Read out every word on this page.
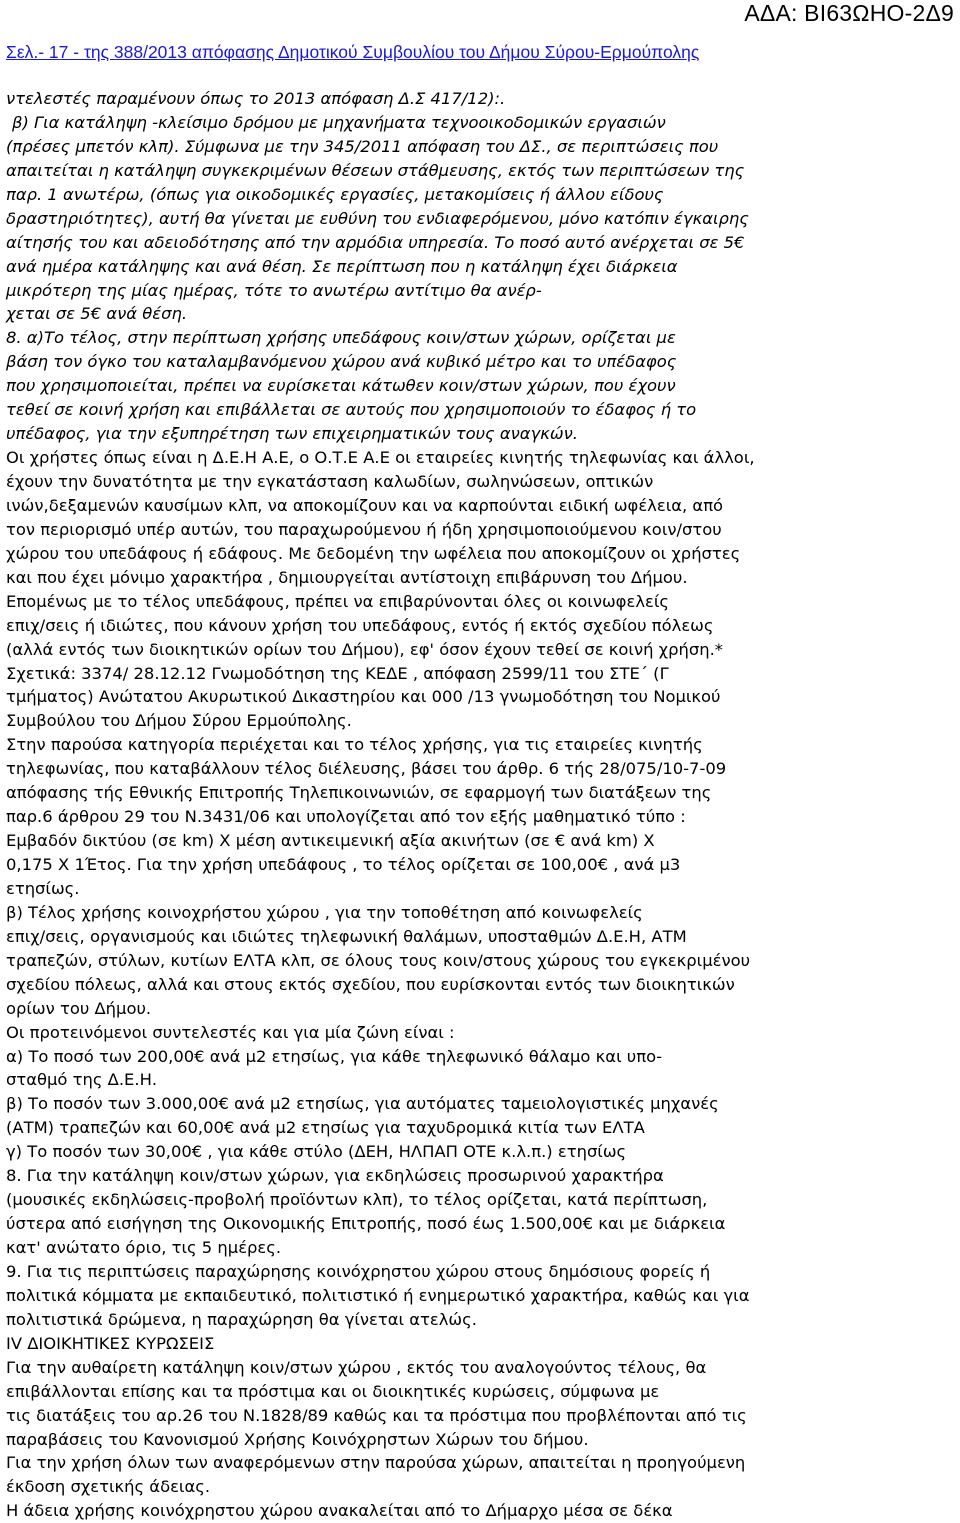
ΑΔΑ: ΒΙ63ΩΗΟ-2Δ9
Σελ.- 17 - της 388/2013 απόφασης Δημοτικού Συμβουλίου του Δήμου Σύρου-Ερμούπολης
ντελεστές παραμένουν όπως το 2013 απόφαση Δ.Σ 417/12):.
β) Για κατάληψη -κλείσιμο δρόμου με μηχανήματα τεχνοοικοδομικών εργασιών
(πρέσες μπετόν κλπ). Σύμφωνα με την 345/2011 απόφαση του ΔΣ., σε περιπτώσεις που
απαιτείται η κατάληψη συγκεκριμένων θέσεων στάθμευσης, εκτός των περιπτώσεων της
παρ. 1 ανωτέρω, (όπως για οικοδομικές εργασίες, μετακομίσεις ή άλλου είδους
δραστηριότητες), αυτή θα γίνεται με ευθύνη του ενδιαφερόμενου, μόνο κατόπιν έγκαιρης
αίτησής του και αδειοδότησης από την αρμόδια υπηρεσία. Το ποσό αυτό ανέρχεται σε 5€
ανά ημέρα κατάληψης και ανά θέση. Σε περίπτωση που η κατάληψη έχει διάρκεια
μικρότερη της μίας ημέρας, τότε το ανωτέρω αντίτιμο θα ανέρ-
χεται σε 5€ ανά θέση.
8. α)Το τέλος, στην περίπτωση χρήσης υπεδάφους κοιν/στων χώρων, ορίζεται με
βάση τον όγκο του καταλαμβανόμενου χώρου ανά κυβικό μέτρο και το υπέδαφος
που χρησιμοποιείται, πρέπει να ευρίσκεται κάτωθεν κοιν/στων χώρων, που έχουν
τεθεί σε κοινή χρήση και επιβάλλεται σε αυτούς που χρησιμοποιούν το έδαφος ή το
υπέδαφος, για την εξυπηρέτηση των επιχειρηματικών τους αναγκών.
Οι χρήστες όπως είναι η Δ.Ε.Η Α.Ε, ο Ο.Τ.Ε Α.Ε οι εταιρείες κινητής τηλεφωνίας και άλλοι,
έχουν την δυνατότητα με την εγκατάσταση καλωδίων, σωληνώσεων, οπτικών
ινών,δεξαμενών καυσίμων κλπ, να αποκομίζουν και να καρπούνται ειδική ωφέλεια, από
τον περιορισμό υπέρ αυτών, του παραχωρούμενου ή ήδη χρησιμοποιούμενου κοιν/στου
χώρου του υπεδάφους ή εδάφους. Με δεδομένη την ωφέλεια που αποκομίζουν οι χρήστες
και που έχει μόνιμο χαρακτήρα , δημιουργείται αντίστοιχη επιβάρυνση του Δήμου.
Επομένως με το τέλος υπεδάφους, πρέπει να επιβαρύνονται όλες οι κοινωφελείς
επιχ/σεις ή ιδιώτες, που κάνουν χρήση του υπεδάφους, εντός ή εκτός σχεδίου πόλεως
(αλλά εντός των διοικητικών ορίων του Δήμου), εφ' όσον έχουν τεθεί σε κοινή χρήση.*
Σχετικά: 3374/ 28.12.12 Γνωμοδότηση της ΚΕΔΕ , απόφαση 2599/11 του ΣΤΕ΄ (Γ
τμήματος) Ανώτατου Ακυρωτικού Δικαστηρίου και 000 /13 γνωμοδότηση του Νομικού
Συμβούλου του Δήμου Σύρου Ερμούπολης.
Στην παρούσα κατηγορία περιέχεται και το τέλος χρήσης, για τις εταιρείες κινητής
τηλεφωνίας, που καταβάλλουν τέλος διέλευσης, βάσει του άρθρ. 6 τής 28/075/10-7-09
απόφασης τής Εθνικής Επιτροπής Τηλεπικοινωνιών, σε εφαρμογή των διατάξεων της
παρ.6 άρθρου 29 του Ν.3431/06 και υπολογίζεται από τον εξής μαθηματικό τύπο :
Εμβαδόν δικτύου (σε km) Χ μέση αντικειμενική αξία ακινήτων (σε € ανά km) Χ
0,175 Χ 1Έτος. Για την χρήση υπεδάφους , το τέλος ορίζεται σε 100,00€ , ανά μ3
ετησίως.
β) Τέλος χρήσης κοινοχρήστου χώρου , για την τοποθέτηση από κοινωφελείς
επιχ/σεις, οργανισμούς και ιδιώτες τηλεφωνική θαλάμων, υποσταθμών Δ.Ε.Η, ΑΤΜ
τραπεζών, στύλων, κυτίων ΕΛΤΑ κλπ, σε όλους τους κοιν/στους χώρους του εγκεκριμένου
σχεδίου πόλεως, αλλά και στους εκτός σχεδίου, που ευρίσκονται εντός των διοικητικών
ορίων του Δήμου.
Οι προτεινόμενοι συντελεστές και για μία ζώνη είναι :
α) Το ποσό των 200,00€ ανά μ2 ετησίως, για κάθε τηλεφωνικό θάλαμο και υπο-
σταθμό της Δ.Ε.Η.
β) Το ποσόν των 3.000,00€ ανά μ2 ετησίως, για αυτόματες ταμειολογιστικές μηχανές
(ΑΤΜ) τραπεζών και 60,00€ ανά μ2 ετησίως για ταχυδρομικά κιτία των ΕΛΤΑ
γ) Το ποσόν των 30,00€ , για κάθε στύλο (ΔΕΗ, ΗΛΠΑΠ ΟΤΕ κ.λ.π.) ετησίως
8. Για την κατάληψη κοιν/στων χώρων, για εκδηλώσεις προσωρινού χαρακτήρα
(μουσικές εκδηλώσεις-προβολή προϊόντων κλπ), το τέλος ορίζεται, κατά περίπτωση,
ύστερα από εισήγηση της Οικονομικής Επιτροπής, ποσό έως 1.500,00€ και με διάρκεια
κατ' ανώτατο όριο, τις 5 ημέρες.
9. Για τις περιπτώσεις παραχώρησης κοινόχρηστου χώρου στους δημόσιους φορείς ή
πολιτικά κόμματα με εκπαιδευτικό, πολιτιστικό ή ενημερωτικό χαρακτήρα, καθώς και για
πολιτιστικά δρώμενα, η παραχώρηση θα γίνεται ατελώς.
IV ΔΙΟΙΚΗΤΙΚΕΣ ΚΥΡΩΣΕΙΣ
Για την αυθαίρετη κατάληψη κοιν/στων χώρου , εκτός του αναλογούντος τέλους, θα
επιβάλλονται επίσης και τα πρόστιμα και οι διοικητικές κυρώσεις, σύμφωνα με
τις διατάξεις του αρ.26 του Ν.1828/89 καθώς και τα πρόστιμα που προβλέπονται από τις
παραβάσεις του Κανονισμού Χρήσης Κοινόχρηστων Χώρων του δήμου.
Για την χρήση όλων των αναφερόμενων στην παρούσα χώρων, απαιτείται η προηγούμενη
έκδοση σχετικής άδειας.
Η άδεια χρήσης κοινόχρηστου χώρου ανακαλείται από το Δήμαρχο μέσα σε δέκα
